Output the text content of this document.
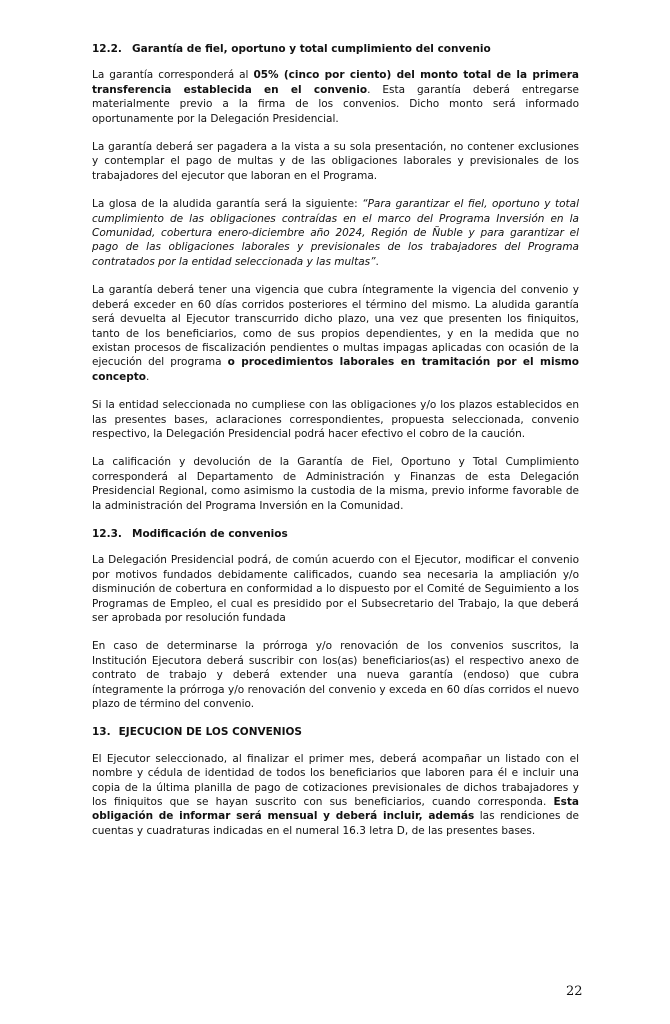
12.2. Garantía de fiel, oportuno y total cumplimiento del convenio

La garantía corresponderá al 05% (cinco por ciento) del monto total de la primera transferencia establecida en el convenio. Esta garantía deberá entregarse materialmente previo a la firma de los convenios. Dicho monto será informado oportunamente por la Delegación Presidencial.

La garantía deberá ser pagadera a la vista a su sola presentación, no contener exclusiones y contemplar el pago de multas y de las obligaciones laborales y previsionales de los trabajadores del ejecutor que laboran en el Programa.

La glosa de la aludida garantía será la siguiente: “Para garantizar el fiel, oportuno y total cumplimiento de las obligaciones contraídas en el marco del Programa Inversión en la Comunidad, cobertura enero-diciembre año 2024, Región de Ñuble y para garantizar el pago de las obligaciones laborales y previsionales de los trabajadores del Programa contratados por la entidad seleccionada y las multas”.

La garantía deberá tener una vigencia que cubra íntegramente la vigencia del convenio y deberá exceder en 60 días corridos posteriores el término del mismo. La aludida garantía será devuelta al Ejecutor transcurrido dicho plazo, una vez que presenten los finiquitos, tanto de los beneficiarios, como de sus propios dependientes, y en la medida que no existan procesos de fiscalización pendientes o multas impagas aplicadas con ocasión de la ejecución del programa o procedimientos laborales en tramitación por el mismo concepto.

Si la entidad seleccionada no cumpliese con las obligaciones y/o los plazos establecidos en las presentes bases, aclaraciones correspondientes, propuesta seleccionada, convenio respectivo, la Delegación Presidencial podrá hacer efectivo el cobro de la caución.

La calificación y devolución de la Garantía de Fiel, Oportuno y Total Cumplimiento corresponderá al Departamento de Administración y Finanzas de esta Delegación Presidencial Regional, como asimismo la custodia de la misma, previo informe favorable de la administración del Programa Inversión en la Comunidad.

12.3. Modificación de convenios

La Delegación Presidencial podrá, de común acuerdo con el Ejecutor, modificar el convenio por motivos fundados debidamente calificados, cuando sea necesaria la ampliación y/o disminución de cobertura en conformidad a lo dispuesto por el Comité de Seguimiento a los Programas de Empleo, el cual es presidido por el Subsecretario del Trabajo, la que deberá ser aprobada por resolución fundada

En caso de determinarse la prórroga y/o renovación de los convenios suscritos, la Institución Ejecutora deberá suscribir con los(as) beneficiarios(as) el respectivo anexo de contrato de trabajo y deberá extender una nueva garantía (endoso) que cubra íntegramente la prórroga y/o renovación del convenio y exceda en 60 días corridos el nuevo plazo de término del convenio.

13. EJECUCION DE LOS CONVENIOS

El Ejecutor seleccionado, al finalizar el primer mes, deberá acompañar un listado con el nombre y cédula de identidad de todos los beneficiarios que laboren para él e incluir una copia de la última planilla de pago de cotizaciones previsionales de dichos trabajadores y los finiquitos que se hayan suscrito con sus beneficiarios, cuando corresponda. Esta obligación de informar será mensual y deberá incluir, además las rendiciones de cuentas y cuadraturas indicadas en el numeral 16.3 letra D, de las presentes bases.

22
